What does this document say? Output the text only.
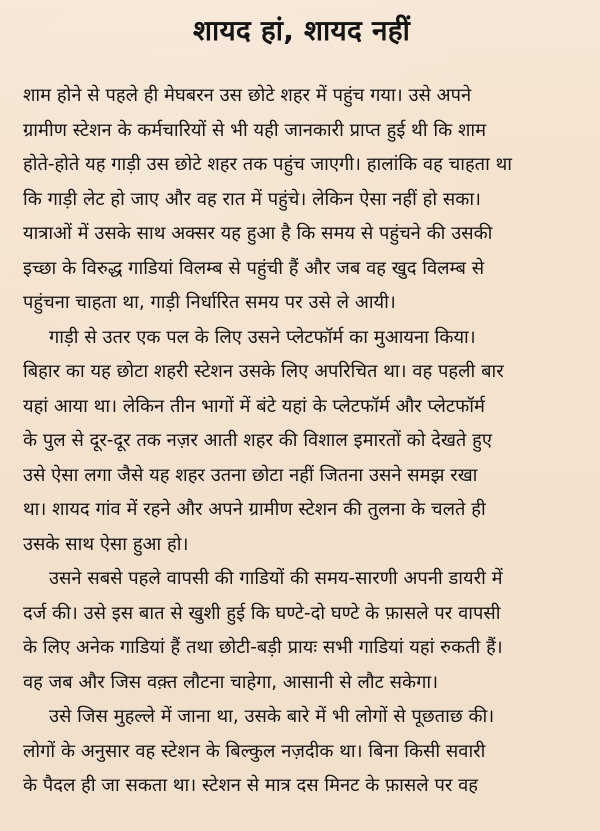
शायद हां, शायद नहीं

शाम होने से पहले ही मेघबरन उस छोटे शहर में पहुंच गया। उसे अपने
ग्रामीण स्टेशन के कर्मचारियों से भी यही जानकारी प्राप्त हुई थी कि शाम
होते-होते यह गाड़ी उस छोटे शहर तक पहुंच जाएगी। हालांकि वह चाहता था
कि गाड़ी लेट हो जाए और वह रात में पहुंचे। लेकिन ऐसा नहीं हो सका।
यात्राओं में उसके साथ अक्सर यह हुआ है कि समय से पहुंचने की उसकी
इच्छा के विरुद्ध गाडियां विलम्ब से पहुंची हैं और जब वह खुद विलम्ब से
पहुंचना चाहता था, गाड़ी निर्धारित समय पर उसे ले आयी।

गाड़ी से उतर एक पल के लिए उसने प्लेटफॉर्म का मुआयना किया।
बिहार का यह छोटा शहरी स्टेशन उसके लिए अपरिचित था। वह पहली बार
यहां आया था। लेकिन तीन भागों में बंटे यहां के प्लेटफॉर्म और प्लेटफॉर्म
के पुल से दूर-दूर तक नज़र आती शहर की विशाल इमारतों को देखते हुए
उसे ऐसा लगा जैसे यह शहर उतना छोटा नहीं जितना उसने समझ रखा
था। शायद गांव में रहने और अपने ग्रामीण स्टेशन की तुलना के चलते ही
उसके साथ ऐसा हुआ हो।

उसने सबसे पहले वापसी की गाडियों की समय-सारणी अपनी डायरी में
दर्ज की। उसे इस बात से खुशी हुई कि घण्टे-दो घण्टे के फ़ासले पर वापसी
के लिए अनेक गाडियां हैं तथा छोटी-बड़ी प्रायः सभी गाडियां यहां रुकती हैं।
वह जब और जिस वक़्त लौटना चाहेगा, आसानी से लौट सकेगा।

उसे जिस मुहल्ले में जाना था, उसके बारे में भी लोगों से पूछताछ की।
लोगों के अनुसार वह स्टेशन के बिल्कुल नज़दीक था। बिना किसी सवारी
के पैदल ही जा सकता था। स्टेशन से मात्र दस मिनट के फ़ासले पर वह
